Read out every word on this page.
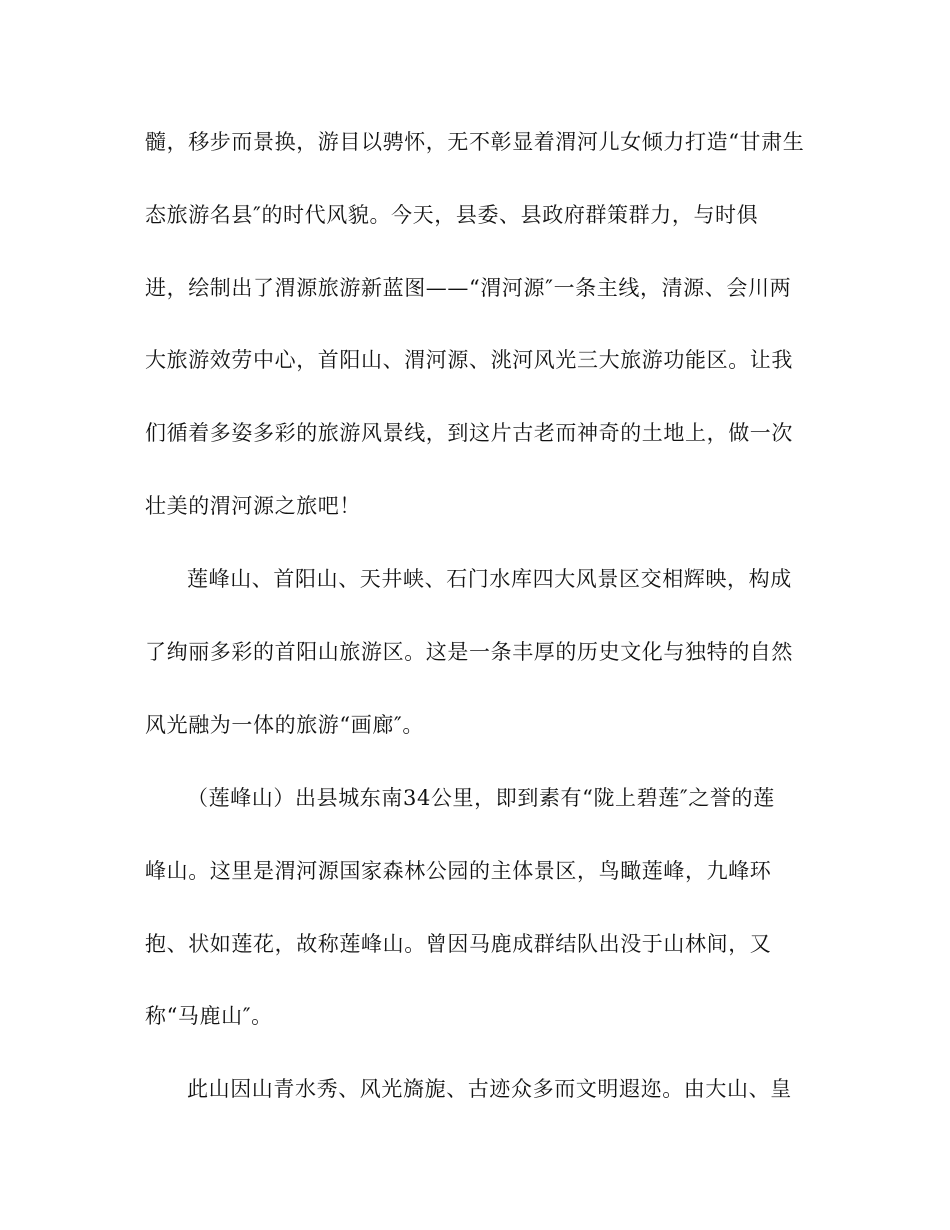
髓，移步而景换，游目以骋怀，无不彰显着渭河儿女倾力打造“甘肃生
态旅游名县″的时代风貌。今天，县委、县政府群策群力，与时俱
进，绘制出了渭源旅游新蓝图——“渭河源″一条主线，清源、会川两
大旅游效劳中心，首阳山、渭河源、洮河风光三大旅游功能区。让我
们循着多姿多彩的旅游风景线，到这片古老而神奇的土地上，做一次
壮美的渭河源之旅吧！
莲峰山、首阳山、天井峡、石门水库四大风景区交相辉映，构成
了绚丽多彩的首阳山旅游区。这是一条丰厚的历史文化与独特的自然
风光融为一体的旅游“画廊″。
（莲峰山）出县城东南34公里，即到素有“陇上碧莲″之誉的莲
峰山。这里是渭河源国家森林公园的主体景区，鸟瞰莲峰，九峰环
抱、状如莲花，故称莲峰山。曾因马鹿成群结队出没于山林间，又
称“马鹿山″。
此山因山青水秀、风光旖旎、古迹众多而文明遐迩。由大山、皇
